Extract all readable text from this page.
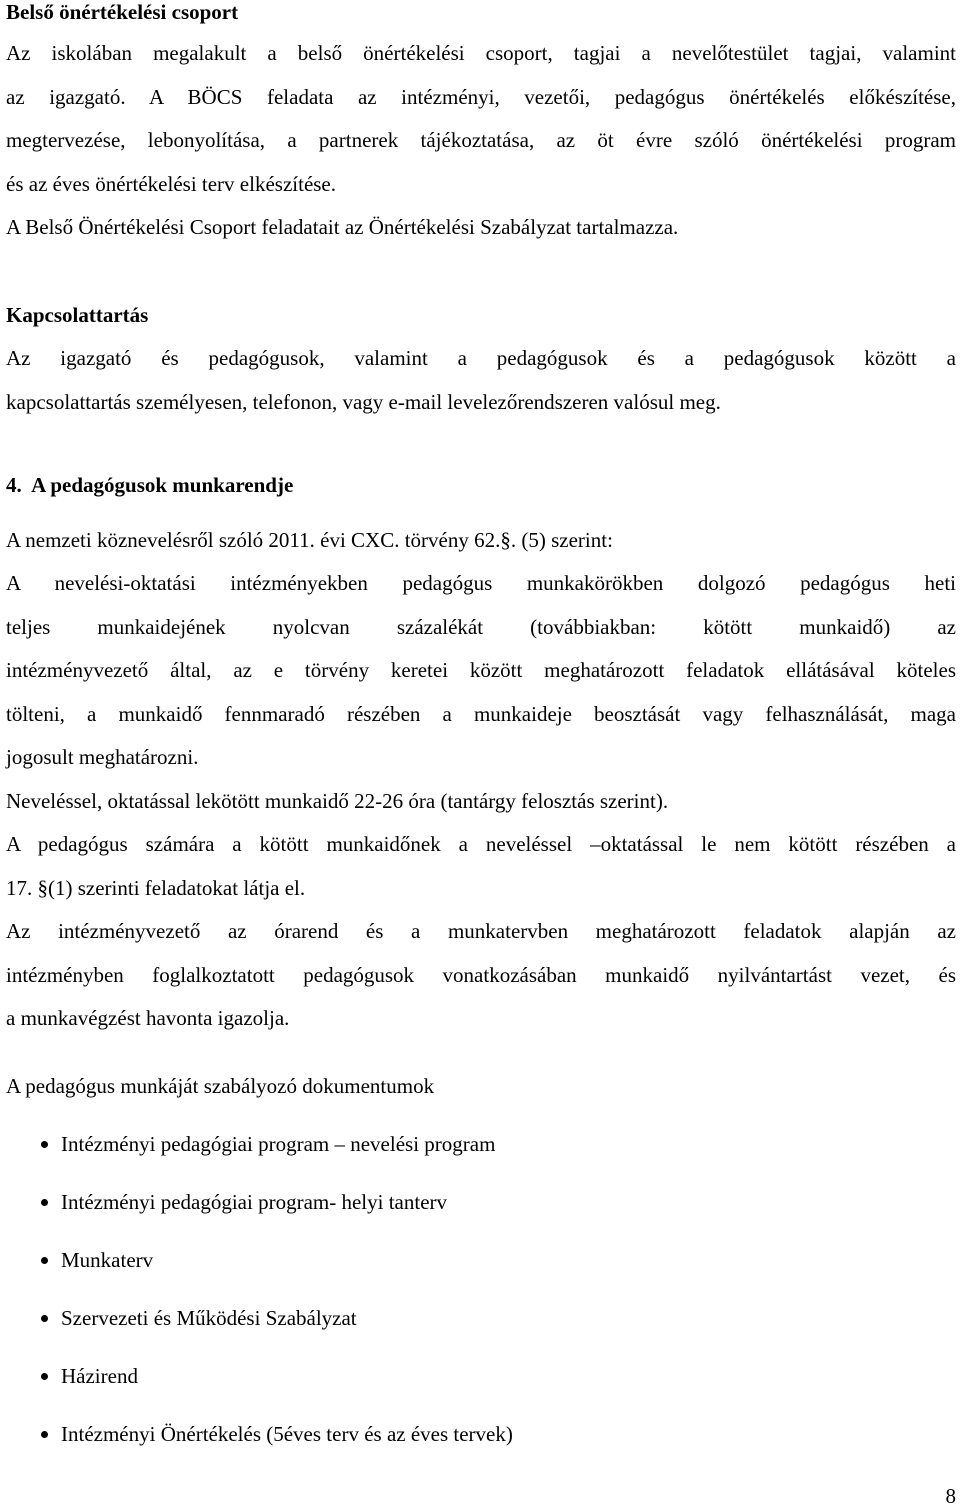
Belső önértékelési csoport

Az iskolában megalakult a belső önértékelési csoport, tagjai a nevelőtestület tagjai, valamint
az igazgató. A BÖCS feladata az intézményi, vezetői, pedagógus önértékelés előkészítése,
megtervezése, lebonyolítása, a partnerek tájékoztatása, az öt évre szóló önértékelési program
és az éves önértékelési terv elkészítése.

A Belső Önértékelési Csoport feladatait az Önértékelési Szabályzat tartalmazza.

Kapcsolattartás

Az igazgató és pedagógusok, valamint a pedagógusok és a pedagógusok között a
kapcsolattartás személyesen, telefonon, vagy e-mail levelezőrendszeren valósul meg.

4.  A pedagógusok munkarendje

A nemzeti köznevelésről szóló 2011. évi CXC. törvény 62.§. (5) szerint:

A nevelési-oktatási intézményekben pedagógus munkakörökben dolgozó pedagógus heti
teljes munkaidejének nyolcvan százalékát (továbbiakban: kötött munkaidő) az
intézményvezető által, az e törvény keretei között meghatározott feladatok ellátásával köteles
tölteni, a munkaidő fennmaradó részében a munkaideje beosztását vagy felhasználását, maga
jogosult meghatározni.

Neveléssel, oktatással lekötött munkaidő 22-26 óra (tantárgy felosztás szerint).

A pedagógus számára a kötött munkaidőnek a neveléssel –oktatással le nem kötött részében a
17. §(1) szerinti feladatokat látja el.

Az intézményvezető az órarend és a munkatervben meghatározott feladatok alapján az
intézményben foglalkoztatott pedagógusok vonatkozásában munkaidő nyilvántartást vezet, és
a munkavégzést havonta igazolja.

A pedagógus munkáját szabályozó dokumentumok

Intézményi pedagógiai program – nevelési program
Intézményi pedagógiai program- helyi tanterv
Munkaterv
Szervezeti és Működési Szabályzat
Házirend
Intézményi Önértékelés (5éves terv és az éves tervek)
8
